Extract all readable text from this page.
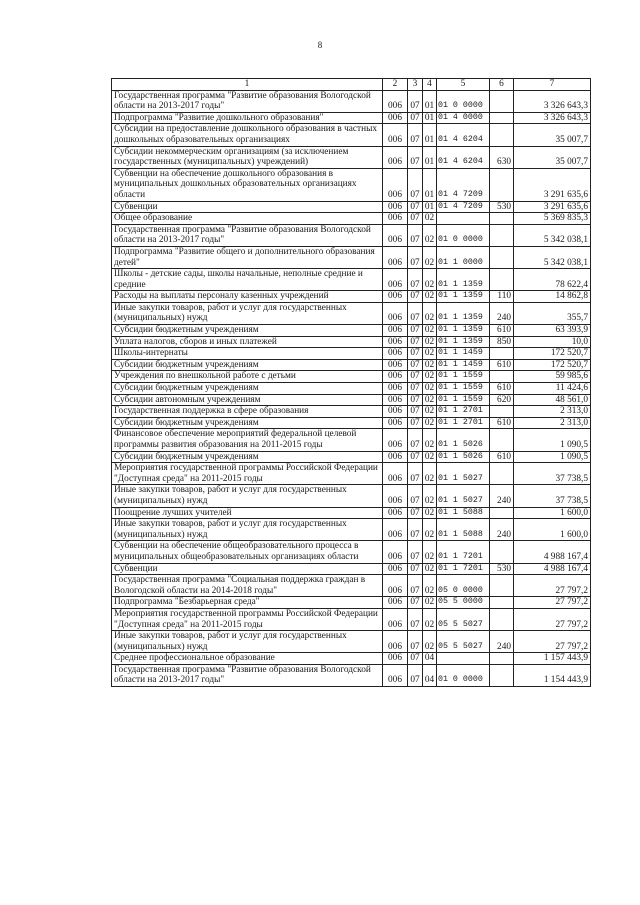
8
1	2	3	4	5	6	7
Государственная программа "Развитие образования Вологодской области на 2013-2017 годы"	006	07	01	01 0 0000		3 326 643,3
Подпрограмма "Развитие дошкольного образования"	006	07	01	01 4 0000		3 326 643,3
Субсидии на предоставление дошкольного образования в частных дошкольных образовательных организациях	006	07	01	01 4 6204		35 007,7
Субсидии некоммерческим организациям (за исключением государственных (муниципальных) учреждений)	006	07	01	01 4 6204	630	35 007,7
Субвенции на обеспечение дошкольного образования в муниципальных дошкольных образовательных организациях области	006	07	01	01 4 7209		3 291 635,6
Субвенции	006	07	01	01 4 7209	530	3 291 635,6
Общее образование	006	07	02			5 369 835,3
Государственная программа "Развитие образования Вологодской области на 2013-2017 годы"	006	07	02	01 0 0000		5 342 038,1
Подпрограмма "Развитие общего и дополнительного образования детей"	006	07	02	01 1 0000		5 342 038,1
Школы - детские сады, школы начальные, неполные средние и средние	006	07	02	01 1 1359		78 622,4
Расходы на выплаты персоналу казенных учреждений	006	07	02	01 1 1359	110	14 862,8
Иные закупки товаров, работ и услуг для государственных (муниципальных) нужд	006	07	02	01 1 1359	240	355,7
Субсидии бюджетным учреждениям	006	07	02	01 1 1359	610	63 393,9
Уплата налогов, сборов и иных платежей	006	07	02	01 1 1359	850	10,0
Школы-интернаты	006	07	02	01 1 1459		172 520,7
Субсидии бюджетным учреждениям	006	07	02	01 1 1459	610	172 520,7
Учреждения по внешкольной работе с детьми	006	07	02	01 1 1559		59 985,6
Субсидии бюджетным учреждениям	006	07	02	01 1 1559	610	11 424,6
Субсидии автономным учреждениям	006	07	02	01 1 1559	620	48 561,0
Государственная поддержка в сфере образования	006	07	02	01 1 2701		2 313,0
Субсидии бюджетным учреждениям	006	07	02	01 1 2701	610	2 313,0
Финансовое обеспечение мероприятий федеральной целевой программы развития образования на 2011-2015 годы	006	07	02	01 1 5026		1 090,5
Субсидии бюджетным учреждениям	006	07	02	01 1 5026	610	1 090,5
Мероприятия государственной программы Российской Федерации "Доступная среда" на 2011-2015 годы	006	07	02	01 1 5027		37 738,5
Иные закупки товаров, работ и услуг для государственных (муниципальных) нужд	006	07	02	01 1 5027	240	37 738,5
Поощрение лучших учителей	006	07	02	01 1 5088		1 600,0
Иные закупки товаров, работ и услуг для государственных (муниципальных) нужд	006	07	02	01 1 5088	240	1 600,0
Субвенции на обеспечение общеобразовательного процесса в муниципальных общеобразовательных организациях области	006	07	02	01 1 7201		4 988 167,4
Субвенции	006	07	02	01 1 7201	530	4 988 167,4
Государственная программа "Социальная поддержка граждан в Вологодской области на 2014-2018 годы"	006	07	02	05 0 0000		27 797,2
Подпрограмма "Безбарьерная среда"	006	07	02	05 5 0000		27 797,2
Мероприятия государственной программы Российской Федерации "Доступная среда" на 2011-2015 годы	006	07	02	05 5 5027		27 797,2
Иные закупки товаров, работ и услуг для государственных (муниципальных) нужд	006	07	02	05 5 5027	240	27 797,2
Среднее профессиональное образование	006	07	04			1 157 443,9
Государственная программа "Развитие образования Вологодской области на 2013-2017 годы"	006	07	04	01 0 0000		1 154 443,9
